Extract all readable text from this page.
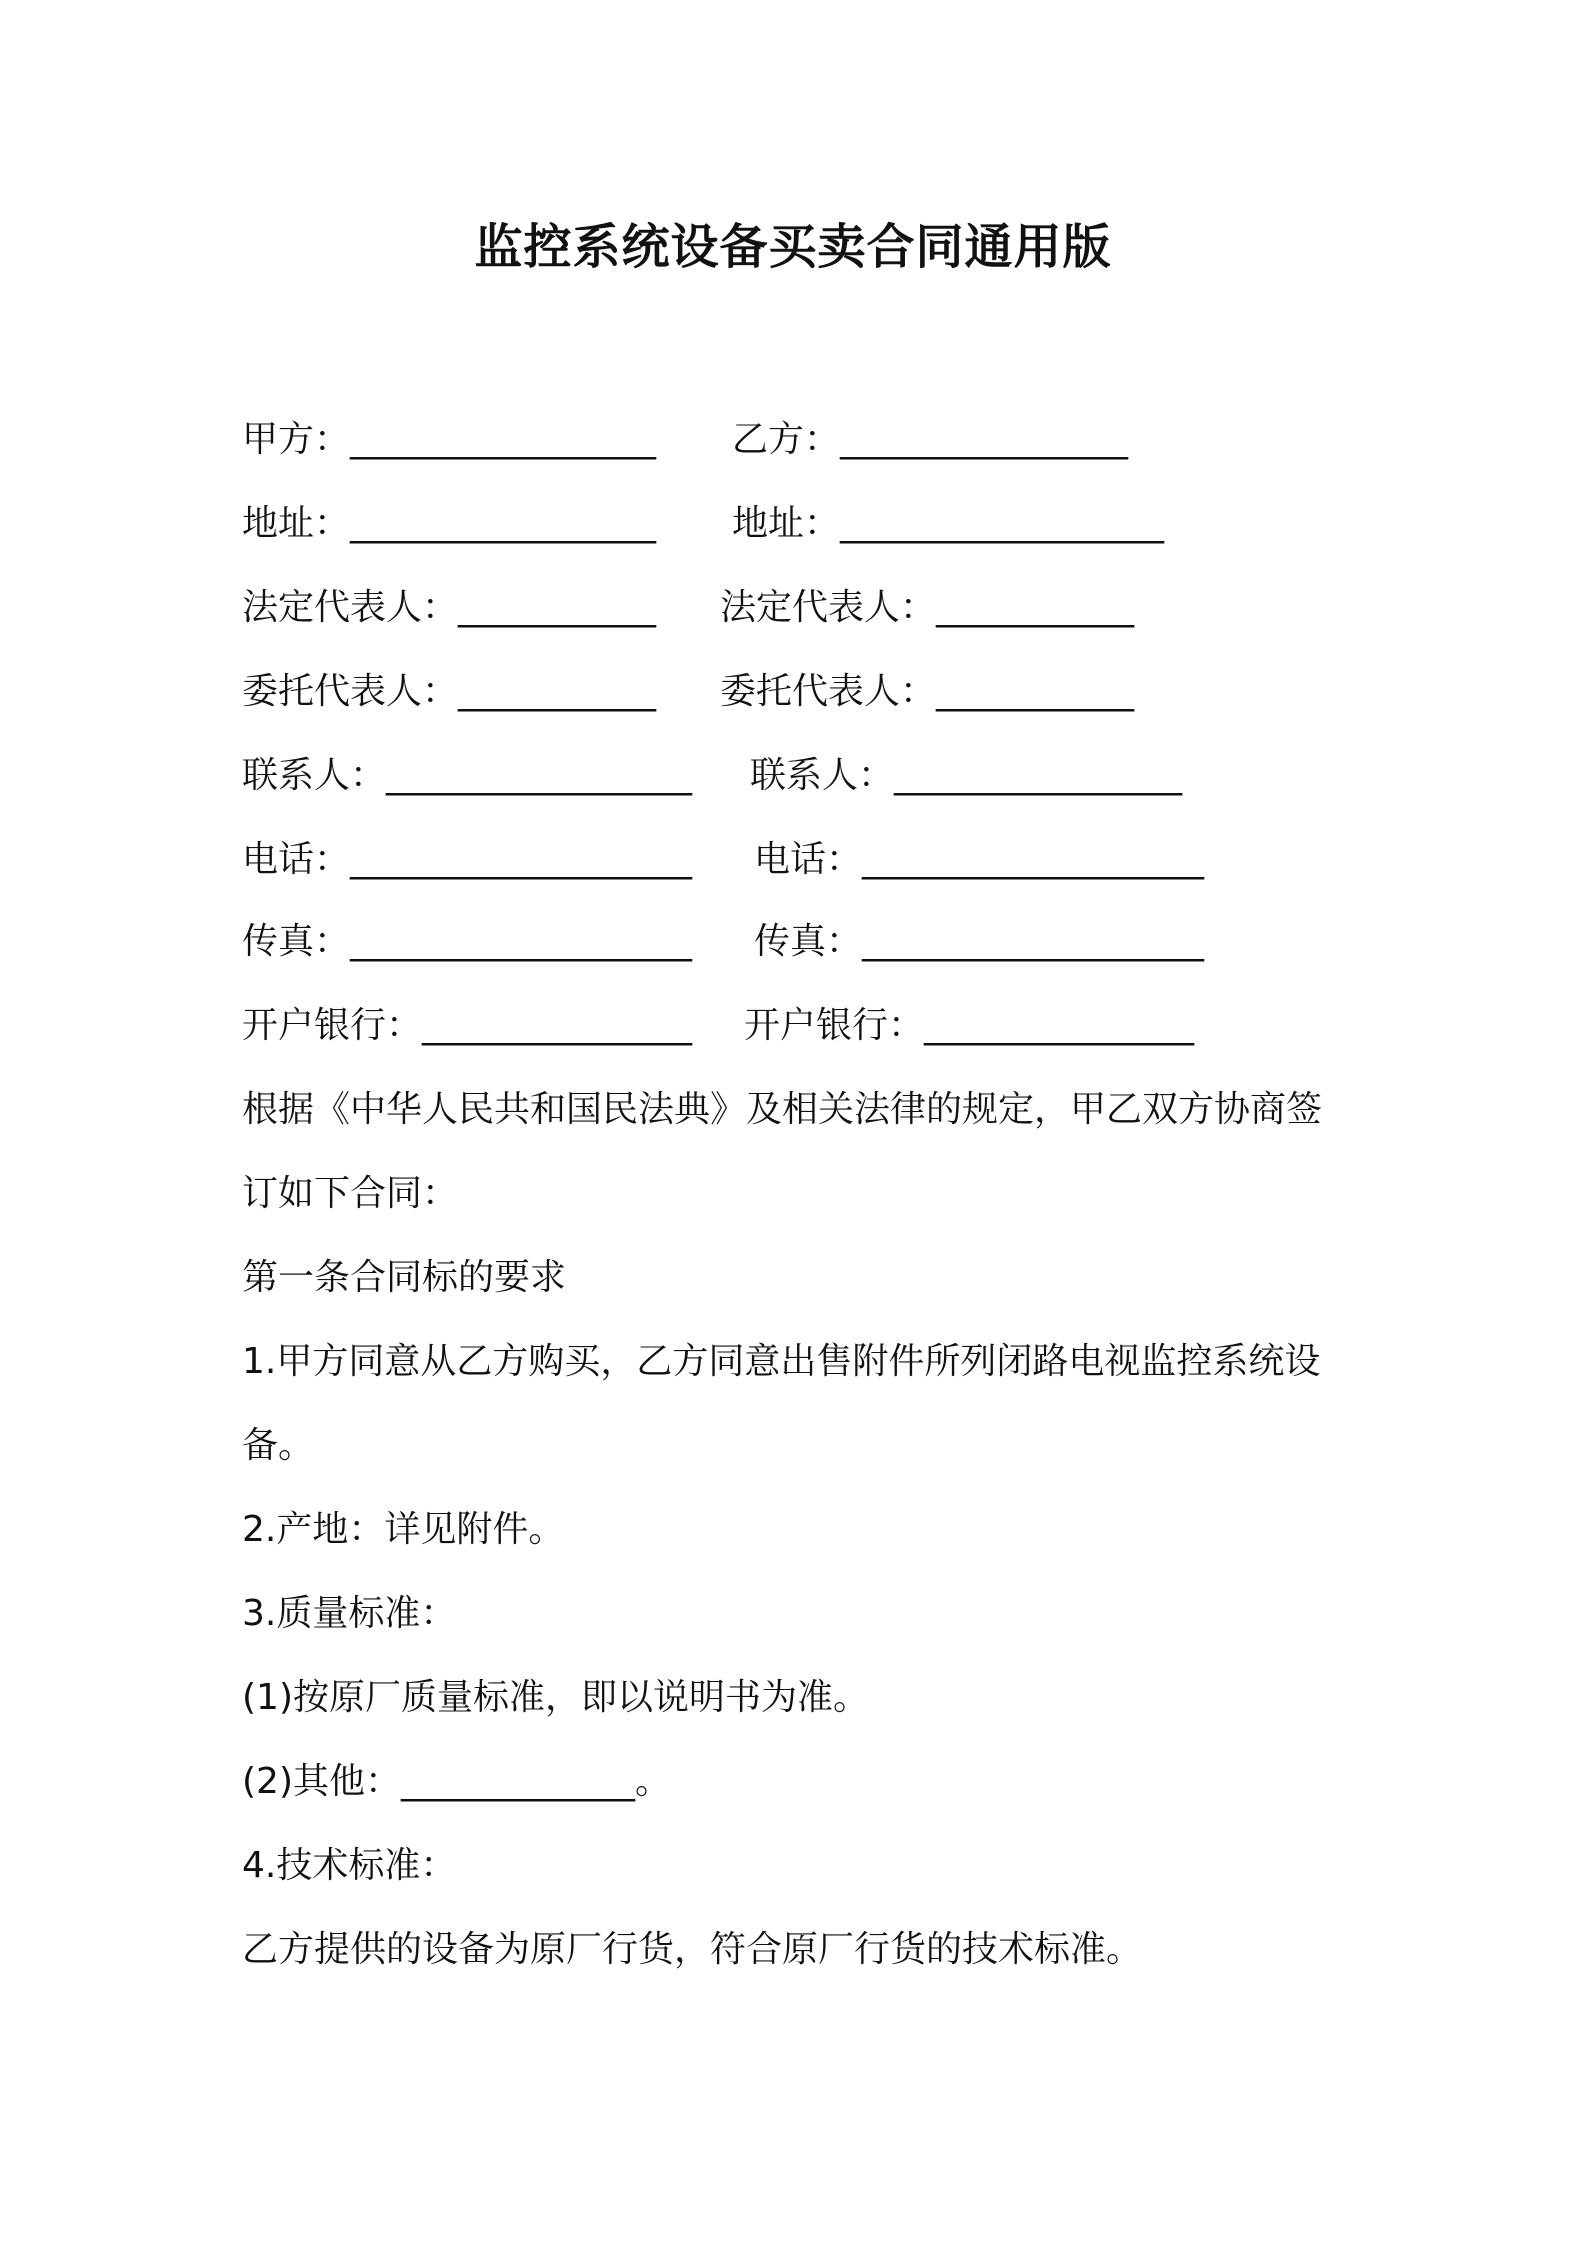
监控系统设备买卖合同通用版
甲方：_________________ 乙方：________________
地址：_________________ 地址：__________________
法定代表人：___________ 法定代表人：___________
委托代表人：___________ 委托代表人：___________
联系人：_________________ 联系人：________________
电话：___________________ 电话：___________________
传真：___________________ 传真：___________________
开户银行：_______________ 开户银行：_______________
根据《中华人民共和国民法典》及相关法律的规定，甲乙双方协商签
订如下合同：
第一条合同标的要求
1.甲方同意从乙方购买，乙方同意出售附件所列闭路电视监控系统设
备。
2.产地：详见附件。
3.质量标准：
(1)按原厂质量标准，即以说明书为准。
(2)其他：_____________。
4.技术标准：
乙方提供的设备为原厂行货，符合原厂行货的技术标准。
